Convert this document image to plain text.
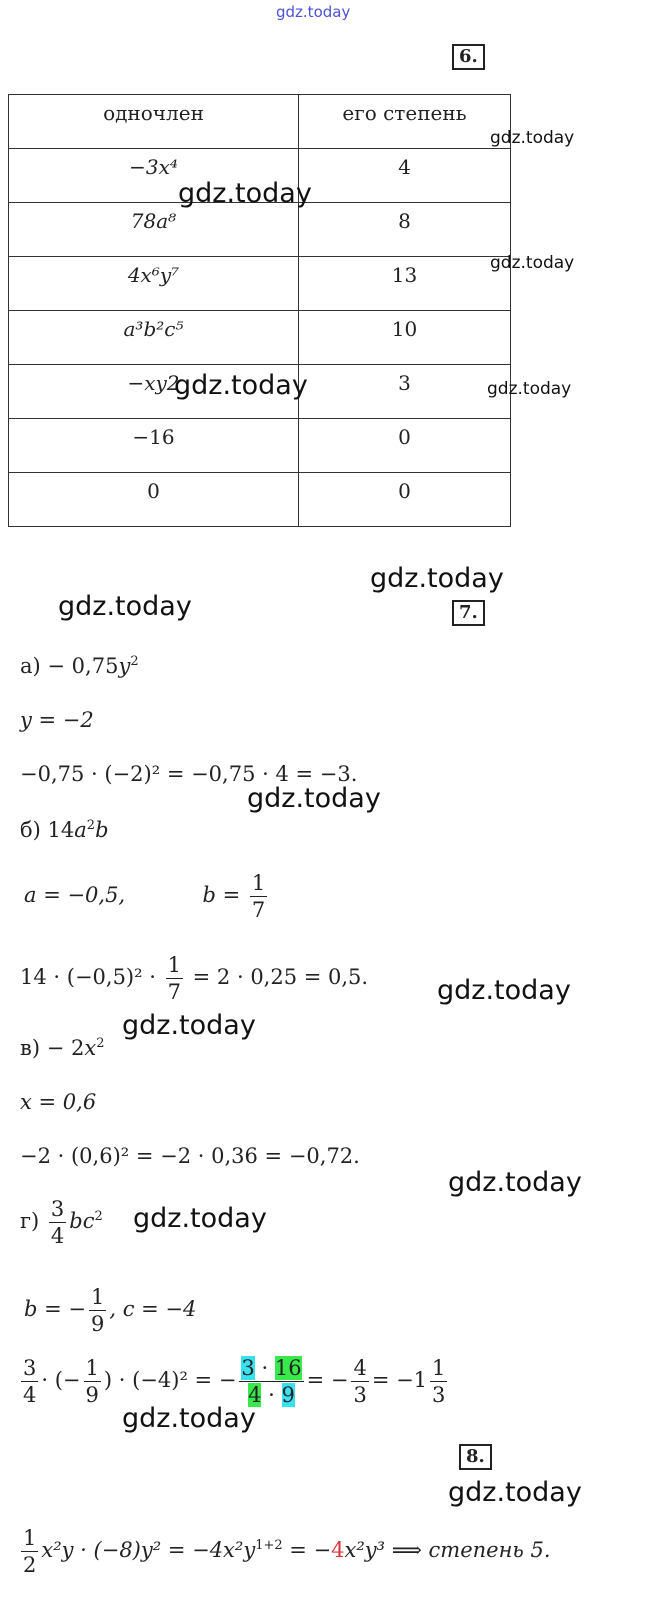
gdz.today
6.
одночлен	его степень
−3x⁴	4
78a⁸	8
4x⁶y⁷	13
a³b²c⁵	10
−xy2	3
−16	0
0	0
gdz.today
gdz.today
gdz.today
gdz.today	gdz.today
gdz.today
gdz.today	7.
$а) - 0,75y^2$
y = −2
−0,75 · (−2)² = −0,75 · 4 = −3.
gdz.today
б) $14a^2b$
a = −0,5,	$b = \frac{1}{7}$
$14 \cdot (-0,5)^2 \cdot \frac{1}{7} = 2 \cdot 0,25 = 0,5$.	gdz.today
gdz.today
$в) - 2x^2$
x = 0,6
−2 · (0,6)² = −2 · 0,36 = −0,72.
gdz.today
$г) \frac{3}{4} bc^2$ gdz.today
b = − $\frac{1}{9}$ , c = −4
$\frac{3}{4}$ · (− $\frac{1}{9}$ ) · (−4)² = − $\frac{3 \cdot 16}{4 \cdot 9}$ = − $\frac{4}{3} = -1 \frac{1}{3}$
gdz.today
8.
gdz.today
$\frac{1}{2} x^2y \cdot (-8)y^2 = -4x^2y^{1+2} = -4x^2y^3$ ⟹ степень 5.
